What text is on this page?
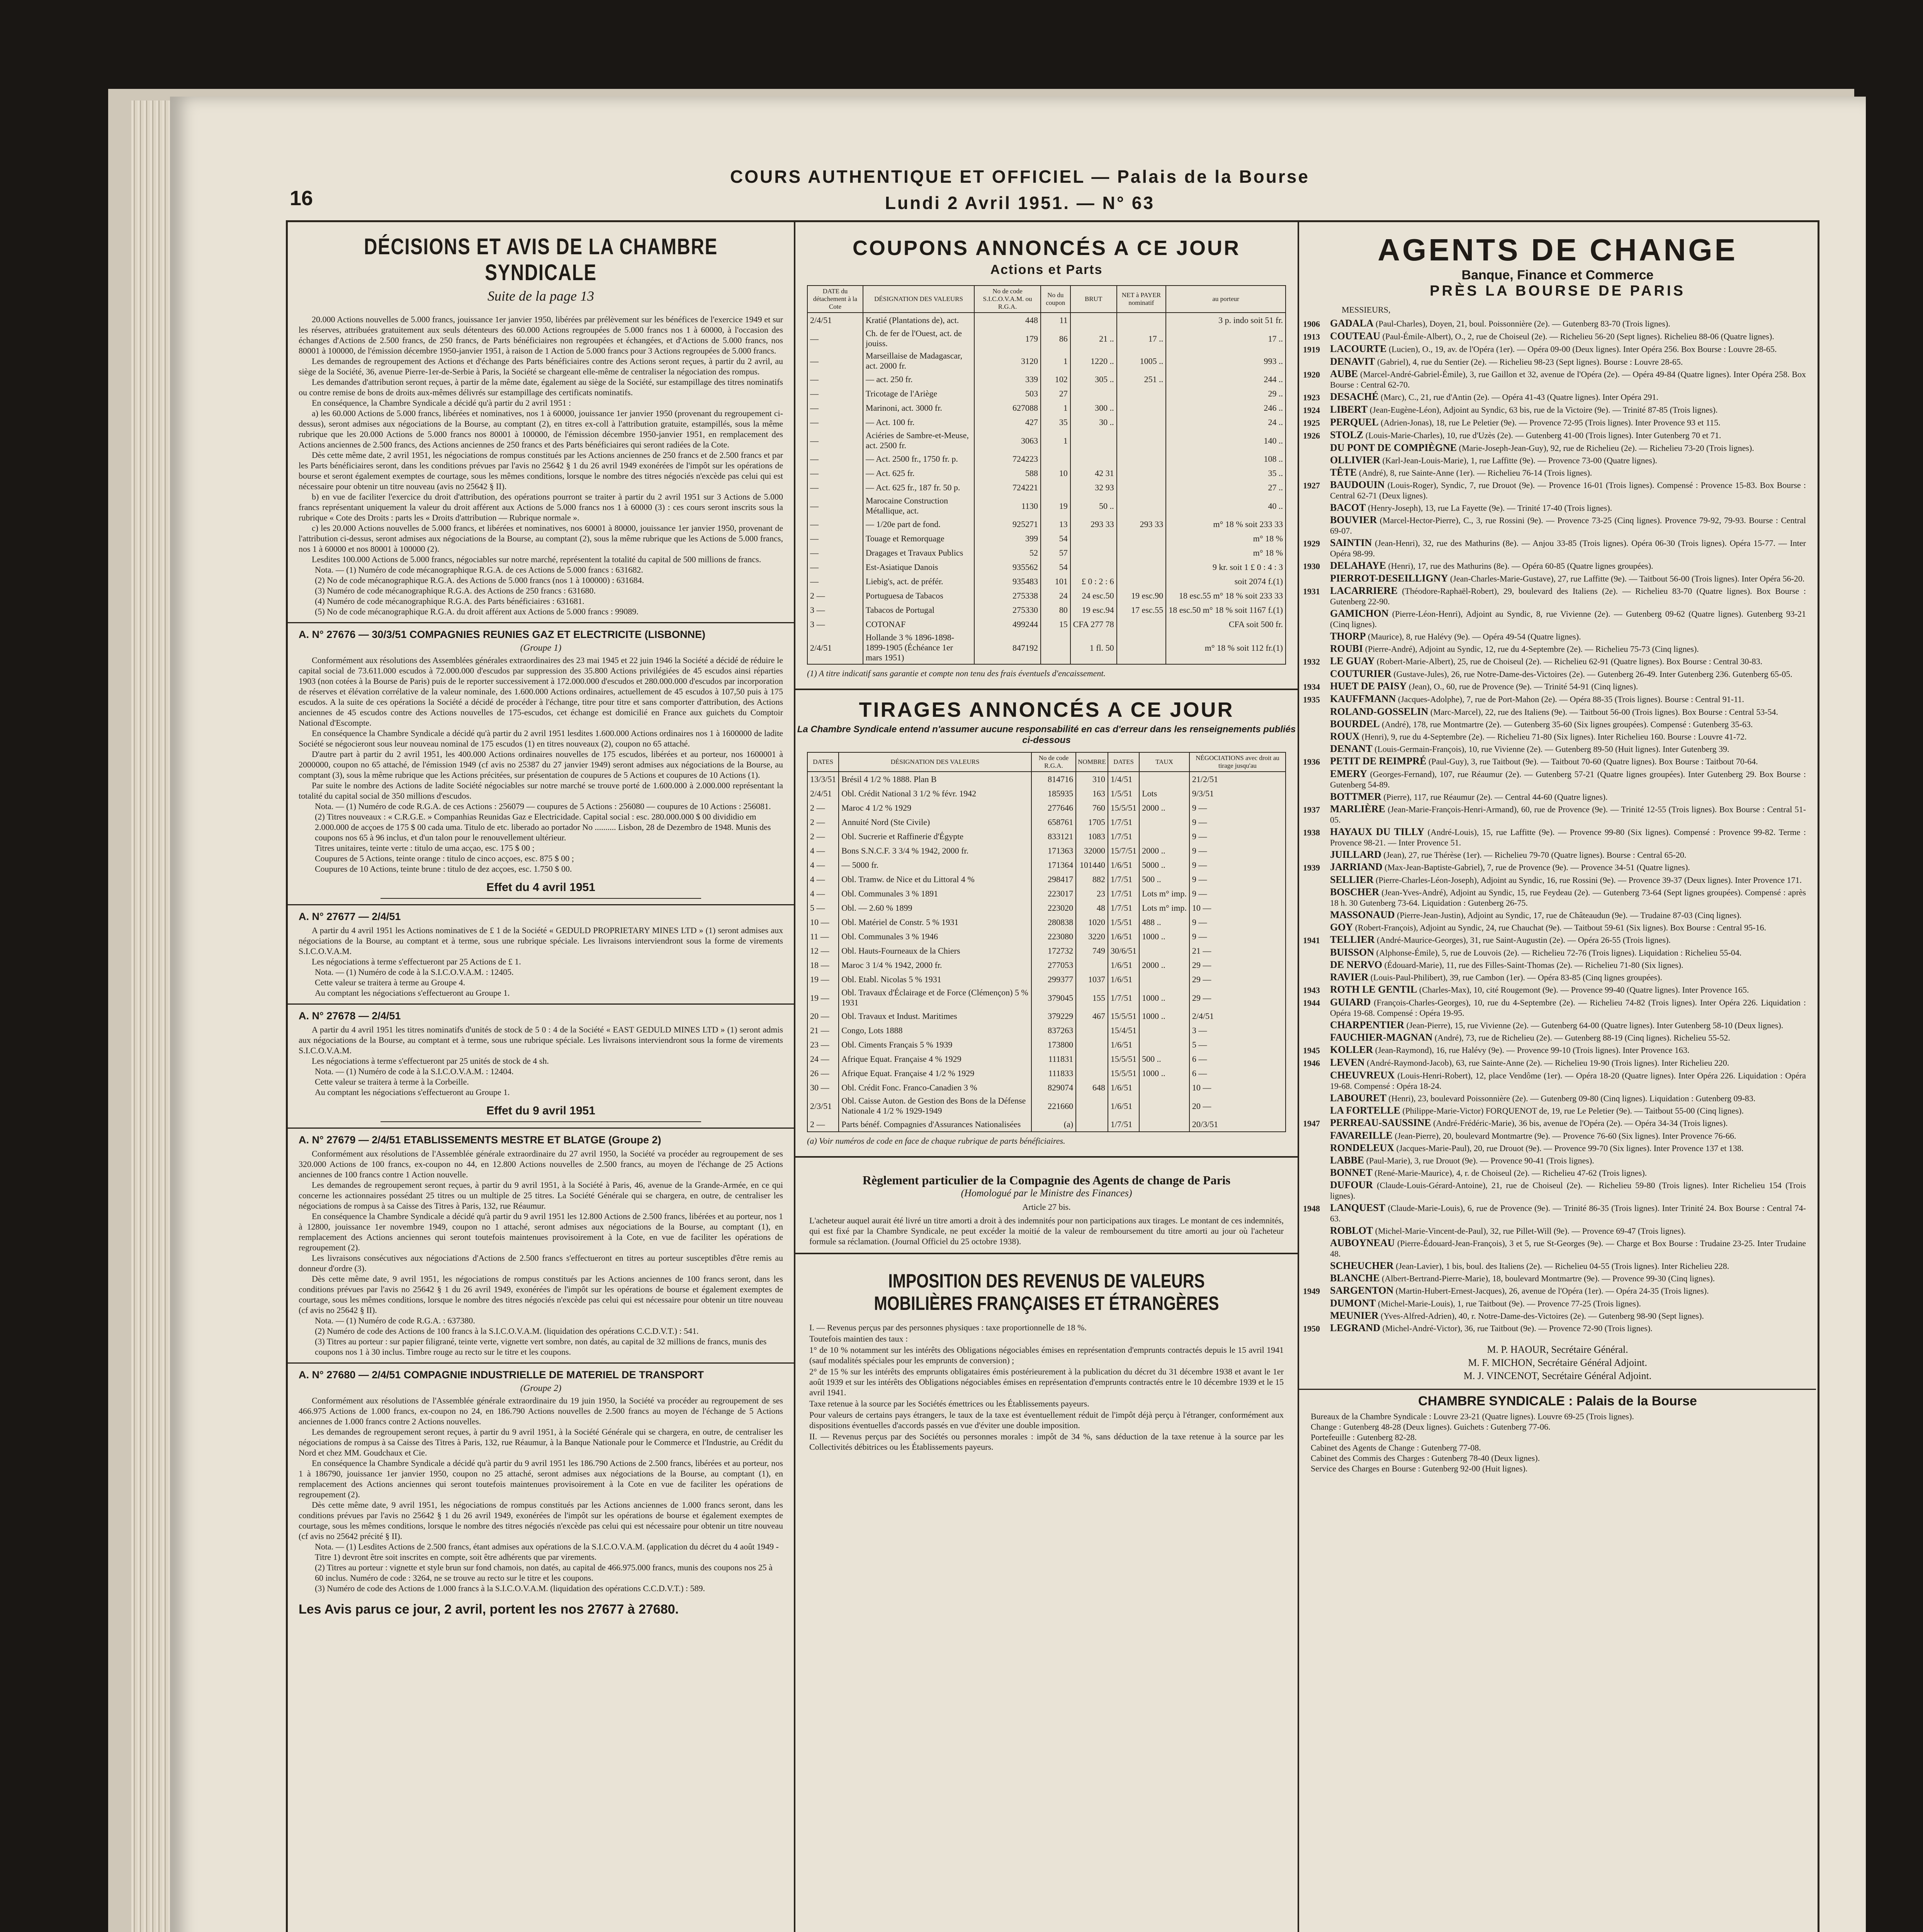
COURS AUTHENTIQUE ET OFFICIEL — Palais de la Bourse
Lundi 2 Avril 1951. — N° 63
16
DÉCISIONS ET AVIS DE LA CHAMBRE SYNDICALE
Suite de la page 13

20.000 Actions nouvelles de 5.000 francs, jouissance 1er janvier 1950, libérées par prélèvement sur les bénéfices de l'exercice 1949 et sur les réserves, attribuées gratuitement aux seuls détenteurs des 60.000 Actions regroupées de 5.000 francs nos 1 à 60000, à l'occasion des échanges d'Actions de 2.500 francs, de 250 francs, de Parts bénéficiaires non regroupées et échangées, et d'Actions de 5.000 francs, nos 80001 à 100000, de l'émission décembre 1950-janvier 1951, à raison de 1 Action de 5.000 francs pour 3 Actions regroupées de 5.000 francs.

Les demandes de regroupement des Actions et d'échange des Parts bénéficiaires contre des Actions seront reçues, à partir du 2 avril, au siège de la Société, 36, avenue Pierre-1er-de-Serbie à Paris, la Société se chargeant elle-même de centraliser la négociation des rompus.

Les demandes d'attribution seront reçues, à partir de la même date, également au siège de la Société, sur estampillage des titres nominatifs ou contre remise de bons de droits aux-mêmes délivrés sur estampillage des certificats nominatifs.

En conséquence, la Chambre Syndicale a décidé qu'à partir du 2 avril 1951 :

a) les 60.000 Actions de 5.000 francs, libérées et nominatives, nos 1 à 60000, jouissance 1er janvier 1950 (provenant du regroupement ci-dessus), seront admises aux négociations de la Bourse, au comptant (2), en titres ex-coll à l'attribution gratuite, estampillés, sous la même rubrique que les 20.000 Actions de 5.000 francs nos 80001 à 100000, de l'émission décembre 1950-janvier 1951, en remplacement des Actions anciennes de 2.500 francs, des Actions anciennes de 250 francs et des Parts bénéficiaires qui seront radiées de la Cote.

Dès cette même date, 2 avril 1951, les négociations de rompus constitués par les Actions anciennes de 250 francs et de 2.500 francs et par les Parts bénéficiaires seront, dans les conditions prévues par l'avis no 25642 § 1 du 26 avril 1949 exonérées de l'impôt sur les opérations de bourse et seront également exemptes de courtage, sous les mêmes conditions, lorsque le nombre des titres négociés n'excède pas celui qui est nécessaire pour obtenir un titre nouveau (avis no 25642 § II).

b) en vue de faciliter l'exercice du droit d'attribution, des opérations pourront se traiter à partir du 2 avril 1951 sur 3 Actions de 5.000 francs représentant uniquement la valeur du droit afférent aux Actions de 5.000 francs nos 1 à 60000 (3) : ces cours seront inscrits sous la rubrique « Cote des Droits : parts les « Droits d'attribution — Rubrique normale ».

c) les 20.000 Actions nouvelles de 5.000 francs, et libérées et nominatives, nos 60001 à 80000, jouissance 1er janvier 1950, provenant de l'attribution ci-dessus, seront admises aux négociations de la Bourse, au comptant (2), sous la même rubrique que les Actions de 5.000 francs, nos 1 à 60000 et nos 80001 à 100000 (2).

Lesdites 100.000 Actions de 5.000 francs, négociables sur notre marché, représentent la totalité du capital de 500 millions de francs.

Nota. — (1) Numéro de code mécanographique R.G.A. de ces Actions de 5.000 francs : 631682.
(2) No de code mécanographique R.G.A. des Actions de 5.000 francs (nos 1 à 100000) : 631684.
(3) Numéro de code mécanographique R.G.A. des Actions de 250 francs : 631680.
(4) Numéro de code mécanographique R.G.A. des Parts bénéficiaires : 631681.
(5) No de code mécanographique R.G.A. du droit afférent aux Actions de 5.000 francs : 99089.
A. N° 27676 — 30/3/51 COMPAGNIES REUNIES GAZ ET ELECTRICITE (LISBONNE)
(Groupe 1)

Conformément aux résolutions des Assemblées générales extraordinaires des 23 mai 1945 et 22 juin 1946 la Société a décidé de réduire le capital social de 73.611.000 escudos à 72.000.000 d'escudos par suppression des 35.800 Actions privilégiées de 45 escudos ainsi réparties 1903 (non cotées à la Bourse de Paris) puis de le reporter successivement à 172.000.000 d'escudos et 280.000.000 d'escudos par incorporation de réserves et élévation corrélative de la valeur nominale, des 1.600.000 Actions ordinaires, actuellement de 45 escudos à 107,50 puis à 175 escudos. A la suite de ces opérations la Société a décidé de procéder à l'échange, titre pour titre et sans comporter d'attribution, des Actions anciennes de 45 escudos contre des Actions nouvelles de 175-escudos, cet échange est domicilié en France aux guichets du Comptoir National d'Escompte.

En conséquence la Chambre Syndicale a décidé qu'à partir du 2 avril 1951 lesdites 1.600.000 Actions ordinaires nos 1 à 1600000 de ladite Société se négocieront sous leur nouveau nominal de 175 escudos (1) en titres nouveaux (2), coupon no 65 attaché.

D'autre part à partir du 2 avril 1951, les 400.000 Actions ordinaires nouvelles de 175 escudos, libérées et au porteur, nos 1600001 à 2000000, coupon no 65 attaché, de l'émission 1949 (cf avis no 25387 du 27 janvier 1949) seront admises aux négociations de la Bourse, au comptant (3), sous la même rubrique que les Actions précitées, sur présentation de coupures de 5 Actions et coupures de 10 Actions (1).

Par suite le nombre des Actions de ladite Société négociables sur notre marché se trouve porté de 1.600.000 à 2.000.000 représentant la totalité du capital social de 350 millions d'escudos.

Nota. — (1) Numéro de code R.G.A. de ces Actions : 256079 — coupures de 5 Actions : 256080 — coupures de 10 Actions : 256081.
(2) Titres nouveaux : « C.R.G.E. » Companhias Reunidas Gaz e Electricidade. Capital social : esc. 280.000.000 $ 00 divididio em 2.000.000 de acçoes de 175 $ 00 cada uma. Titulo de etc. liberado ao portador No .......... Lisbon, 28 de Dezembro de 1948. Munis des coupons nos 65 à 96 inclus, et d'un talon pour le renouvellement ultérieur.
Titres unitaires, teinte verte : titulo de uma acçao, esc. 175 $ 00 ;
Coupures de 5 Actions, teinte orange : titulo de cinco acçoes, esc. 875 $ 00 ;
Coupures de 10 Actions, teinte brune : titulo de dez acçoes, esc. 1.750 $ 00.
Effet du 4 avril 1951
A. N° 27677 — 2/4/51

A partir du 4 avril 1951 les Actions nominatives de £ 1 de la Société « GEDULD PROPRIETARY MINES LTD » (1) seront admises aux négociations de la Bourse, au comptant et à terme, sous une rubrique spéciale. Les livraisons interviendront sous la forme de virements S.I.C.O.V.A.M.

Les négociations à terme s'effectueront par 25 Actions de £ 1.

Nota. — (1) Numéro de code à la S.I.C.O.V.A.M. : 12405.
Cette valeur se traitera à terme au Groupe 4.
Au comptant les négociations s'effectueront au Groupe 1.
A. N° 27678 — 2/4/51

A partir du 4 avril 1951 les titres nominatifs d'unités de stock de 5 0 : 4 de la Société « EAST GEDULD MINES LTD » (1) seront admis aux négociations de la Bourse, au comptant et à terme, sous une rubrique spéciale. Les livraisons interviendront sous la forme de virements S.I.C.O.V.A.M.

Les négociations à terme s'effectueront par 25 unités de stock de 4 sh.

Nota. — (1) Numéro de code à la S.I.C.O.V.A.M. : 12404.
Cette valeur se traitera à terme à la Corbeille.
Au comptant les négociations s'effectueront au Groupe 1.
Effet du 9 avril 1951
A. N° 27679 — 2/4/51 ETABLISSEMENTS MESTRE ET BLATGE (Groupe 2)

Conformément aux résolutions de l'Assemblée générale extraordinaire du 27 avril 1950, la Société va procéder au regroupement de ses 320.000 Actions de 100 francs, ex-coupon no 44, en 12.800 Actions nouvelles de 2.500 francs, au moyen de l'échange de 25 Actions anciennes de 100 francs contre 1 Action nouvelle.

Les demandes de regroupement seront reçues, à partir du 9 avril 1951, à la Société à Paris, 46, avenue de la Grande-Armée, en ce qui concerne les actionnaires possédant 25 titres ou un multiple de 25 titres. La Société Générale qui se chargera, en outre, de centraliser les négociations de rompus à sa Caisse des Titres à Paris, 132, rue Réaumur.

En conséquence la Chambre Syndicale a décidé qu'à partir du 9 avril 1951 les 12.800 Actions de 2.500 francs, libérées et au porteur, nos 1 à 12800, jouissance 1er novembre 1949, coupon no 1 attaché, seront admises aux négociations de la Bourse, au comptant (1), en remplacement des Actions anciennes qui seront toutefois maintenues provisoirement à la Cote, en vue de faciliter les opérations de regroupement (2).

Les livraisons consécutives aux négociations d'Actions de 2.500 francs s'effectueront en titres au porteur susceptibles d'être remis au donneur d'ordre (3).

Dès cette même date, 9 avril 1951, les négociations de rompus constitués par les Actions anciennes de 100 francs seront, dans les conditions prévues par l'avis no 25642 § 1 du 26 avril 1949, exonérées de l'impôt sur les opérations de bourse et également exemptes de courtage, sous les mêmes conditions, lorsque le nombre des titres négociés n'excède pas celui qui est nécessaire pour obtenir un titre nouveau (cf avis no 25642 § II).

Nota. — (1) Numéro de code R.G.A. : 637380.
(2) Numéro de code des Actions de 100 francs à la S.I.C.O.V.A.M. (liquidation des opérations C.C.D.V.T.) : 541.
(3) Titres au porteur : sur papier filigrané, teinte verte, vignette vert sombre, non datés, au capital de 32 millions de francs, munis des coupons nos 1 à 30 inclus. Timbre rouge au recto sur le titre et les coupons.
A. N° 27680 — 2/4/51 COMPAGNIE INDUSTRIELLE DE MATERIEL DE TRANSPORT
(Groupe 2)

Conformément aux résolutions de l'Assemblée générale extraordinaire du 19 juin 1950, la Société va procéder au regroupement de ses 466.975 Actions de 1.000 francs, ex-coupon no 24, en 186.790 Actions nouvelles de 2.500 francs au moyen de l'échange de 5 Actions anciennes de 1.000 francs contre 2 Actions nouvelles.

Les demandes de regroupement seront reçues, à partir du 9 avril 1951, à la Société Générale qui se chargera, en outre, de centraliser les négociations de rompus à sa Caisse des Titres à Paris, 132, rue Réaumur, à la Banque Nationale pour le Commerce et l'Industrie, au Crédit du Nord et chez MM. Goudchaux et Cie.

En conséquence la Chambre Syndicale a décidé qu'à partir du 9 avril 1951 les 186.790 Actions de 2.500 francs, libérées et au porteur, nos 1 à 186790, jouissance 1er janvier 1950, coupon no 25 attaché, seront admises aux négociations de la Bourse, au comptant (1), en remplacement des Actions anciennes qui seront toutefois maintenues provisoirement à la Cote en vue de faciliter les opérations de regroupement (2).

Dès cette même date, 9 avril 1951, les négociations de rompus constitués par les Actions anciennes de 1.000 francs seront, dans les conditions prévues par l'avis no 25642 § 1 du 26 avril 1949, exonérées de l'impôt sur les opérations de bourse et également exemptes de courtage, sous les mêmes conditions, lorsque le nombre des titres négociés n'excède pas celui qui est nécessaire pour obtenir un titre nouveau (cf avis no 25642 précité § II).

Nota. — (1) Lesdites Actions de 2.500 francs, étant admises aux opérations de la S.I.C.O.V.A.M. (application du décret du 4 août 1949 - Titre 1) devront être soit inscrites en compte, soit être adhérents que par virements.
(2) Titres au porteur : vignette et style brun sur fond chamois, non datés, au capital de 466.975.000 francs, munis des coupons nos 25 à 60 inclus. Numéro de code : 3264, ne se trouve au recto sur le titre et les coupons.
(3) Numéro de code des Actions de 1.000 francs à la S.I.C.O.V.A.M. (liquidation des opérations C.C.D.V.T.) : 589.
Les Avis parus ce jour, 2 avril, portent les nos 27677 à 27680.
COUPONS ANNONCÉS A CE JOUR
Actions et Parts
DATE du détachement à la Cote	DÉSIGNATION DES VALEURS	No de code S.I.C.O.V.A.M. ou R.G.A.	No du coupon	BRUT	NET à PAYER nominatif	au porteur
2/4/51	Kratié (Plantations de), act.	448	11			3 p. indo soit 51 fr.
—	Ch. de fer de l'Ouest, act. de jouiss.	179	86	21 ..	17 ..	17 ..
—	Marseillaise de Madagascar, act. 2000 fr.	3120	1	1220 ..	1005 ..	993 ..
—	— act. 250 fr.	339	102	305 ..	251 ..	244 ..
—	Tricotage de l'Ariège	503	27			29 ..
—	Marinoni, act. 3000 fr.	627088	1	300 ..		246 ..
—	— Act. 100 fr.	427	35	30 ..		24 ..
—	Aciéries de Sambre-et-Meuse, act. 2500 fr.	3063	1			140 ..
—	— Act. 2500 fr., 1750 fr. p.	724223				108 ..
—	— Act. 625 fr.	588	10	42 31		35 ..
—	— Act. 625 fr., 187 fr. 50 p.	724221		32 93		27 ..
—	Marocaine Construction Métallique, act.	1130	19	50 ..		40 ..
—	— 1/20e part de fond.	925271	13	293 33	293 33	m° 18 % soit 233 33
—	Touage et Remorquage	399	54			m° 18 %
—	Dragages et Travaux Publics	52	57			m° 18 %
—	Est-Asiatique Danois	935562	54			9 kr. soit 1 £ 0 : 4 : 3
—	Liebig's, act. de préfér.	935483	101	£ 0 : 2 : 6		soit 2074 f.(1)
2 —	Portuguesa de Tabacos	275338	24	24 esc.50	19 esc.90	18 esc.55 m° 18 % soit 233 33
3 —	Tabacos de Portugal	275330	80	19 esc.94	17 esc.55	18 esc.50 m° 18 % soit 1167 f.(1)
3 —	COTONAF	499244	15	CFA 277 78		CFA soit 500 fr.
2/4/51	Hollande 3 % 1896-1898-1899-1905 (Échéance 1er mars 1951)	847192		1 fl. 50		m° 18 % soit 112 fr.(1)
(1) A titre indicatif sans garantie et compte non tenu des frais éventuels d'encaissement.
TIRAGES ANNONCÉS A CE JOUR
La Chambre Syndicale entend n'assumer aucune responsabilité en cas d'erreur dans les renseignements publiés ci-dessous
DATES	DÉSIGNATION DES VALEURS	No de code R.G.A.	NOMBRE	DATES	TAUX	NÉGOCIATIONS avec droit au tirage jusqu'au
13/3/51	Brésil 4 1/2 % 1888. Plan B	814716	310	1/4/51		21/2/51
2/4/51	Obl. Crédit National 3 1/2 % févr. 1942	185935	163	1/5/51	Lots	9/3/51
2 —	Maroc 4 1/2 % 1929	277646	760	15/5/51	2000 ..	9 —
2 —	Annuité Nord (Ste Civile)	658761	1705	1/7/51		9 —
2 —	Obl. Sucrerie et Raffinerie d'Égypte	833121	1083	1/7/51		9 —
4 —	Bons S.N.C.F. 3 3/4 % 1942, 2000 fr.	171363	32000	15/7/51	2000 ..	9 —
4 —	— 5000 fr.	171364	101440	1/6/51	5000 ..	9 —
4 —	Obl. Tramw. de Nice et du Littoral 4 %	298417	882	1/7/51	500 ..	9 —
4 —	Obl. Communales 3 % 1891	223017	23	1/7/51	Lots m° imp.	9 —
5 —	Obl. — 2.60 % 1899	223020	48	1/7/51	Lots m° imp.	10 —
10 —	Obl. Matériel de Constr. 5 % 1931	280838	1020	1/5/51	488 ..	9 —
11 —	Obl. Communales 3 % 1946	223080	3220	1/6/51	1000 ..	9 —
12 —	Obl. Hauts-Fourneaux de la Chiers	172732	749	30/6/51		21 —
18 —	Maroc 3 1/4 % 1942, 2000 fr.	277053		1/6/51	2000 ..	29 —
19 —	Obl. Etabl. Nicolas 5 % 1931	299377	1037	1/6/51		29 —
19 —	Obl. Travaux d'Éclairage et de Force (Clémençon) 5 % 1931	379045	155	1/7/51	1000 ..	29 —
20 —	Obl. Travaux et Indust. Maritimes	379229	467	15/5/51	1000 ..	2/4/51
21 —	Congo, Lots 1888	837263		15/4/51		3 —
23 —	Obl. Ciments Français 5 % 1939	173800		1/6/51		5 —
24 —	Afrique Equat. Française 4 % 1929	111831		15/5/51	500 ..	6 —
26 —	Afrique Equat. Française 4 1/2 % 1929	111833		15/5/51	1000 ..	6 —
30 —	Obl. Crédit Fonc. Franco-Canadien 3 %	829074	648	1/6/51		10 —
2/3/51	Obl. Caisse Auton. de Gestion des Bons de la Défense Nationale 4 1/2 % 1929-1949	221660		1/6/51		20 —
2 —	Parts bénéf. Compagnies d'Assurances Nationalisées	(a)		1/7/51		20/3/51
(a) Voir numéros de code en face de chaque rubrique de parts bénéficiaires.
Règlement particulier de la Compagnie des Agents de change de Paris
(Homologué par le Ministre des Finances)
Article 27 bis.
L'acheteur auquel aurait été livré un titre amorti a droit à des indemnités pour non participations aux tirages. Le montant de ces indemnités, qui est fixé par la Chambre Syndicale, ne peut excéder la moitié de la valeur de remboursement du titre amorti au jour où l'acheteur formule sa réclamation. (Journal Officiel du 25 octobre 1938).
IMPOSITION DES REVENUS DE VALEURS MOBILIÈRES FRANÇAISES ET ÉTRANGÈRES

I. — Revenus perçus par des personnes physiques : taxe proportionnelle de 18 %.

Toutefois maintien des taux :

1° de 10 % notamment sur les intérêts des Obligations négociables émises en représentation d'emprunts contractés depuis le 15 avril 1941 (sauf modalités spéciales pour les emprunts de conversion) ;

2° de 15 % sur les intérêts des emprunts obligataires émis postérieurement à la publication du décret du 31 décembre 1938 et avant le 1er août 1939 et sur les intérêts des Obligations négociables émises en représentation d'emprunts contractés entre le 10 décembre 1939 et le 15 avril 1941.

Taxe retenue à la source par les Sociétés émettrices ou les Établissements payeurs.

Pour valeurs de certains pays étrangers, le taux de la taxe est éventuellement réduit de l'impôt déjà perçu à l'étranger, conformément aux dispositions éventuelles d'accords passés en vue d'éviter une double imposition.

II. — Revenus perçus par des Sociétés ou personnes morales : impôt de 34 %, sans déduction de la taxe retenue à la source par les Collectivités débitrices ou les Établissements payeurs.

AGENTS DE CHANGE
Banque, Finance et Commerce
PRÈS LA BOURSE DE PARIS
MESSIEURS,
1906	GADALA (Paul-Charles), Doyen, 21, boul. Poissonnière (2e). — Gutenberg 83-70 (Trois lignes).
1913	COUTEAU (Paul-Émile-Albert), O., 2, rue de Choiseul (2e). — Richelieu 56-20 (Sept lignes). Richelieu 88-06 (Quatre lignes).
1919	LACOURTE (Lucien), O., 19, av. de l'Opéra (1er). — Opéra 09-00 (Deux lignes). Inter Opéra 256. Box Bourse : Louvre 28-65.
DENAVIT (Gabriel), 4, rue du Sentier (2e). — Richelieu 98-23 (Sept lignes). Bourse : Louvre 28-65.
1920	AUBE (Marcel-André-Gabriel-Émile), 3, rue Gaillon et 32, avenue de l'Opéra (2e). — Opéra 49-84 (Quatre lignes). Inter Opéra 258. Box Bourse : Central 62-70.
1923	DESACHÉ (Marc), C., 21, rue d'Antin (2e). — Opéra 41-43 (Quatre lignes). Inter Opéra 291.
1924	LIBERT (Jean-Eugène-Léon), Adjoint au Syndic, 63 bis, rue de la Victoire (9e). — Trinité 87-85 (Trois lignes).
1925	PERQUEL (Adrien-Jonas), 18, rue Le Peletier (9e). — Provence 72-95 (Trois lignes). Inter Provence 93 et 115.
1926	STOLZ (Louis-Marie-Charles), 10, rue d'Uzès (2e). — Gutenberg 41-00 (Trois lignes). Inter Gutenberg 70 et 71.
DU PONT DE COMPIÈGNE (Marie-Joseph-Jean-Guy), 92, rue de Richelieu (2e). — Richelieu 73-20 (Trois lignes).
OLLIVIER (Karl-Jean-Louis-Marie), 1, rue Laffitte (9e). — Provence 73-00 (Quatre lignes).
TÊTE (André), 8, rue Sainte-Anne (1er). — Richelieu 76-14 (Trois lignes).
1927	BAUDOUIN (Louis-Roger), Syndic, 7, rue Drouot (9e). — Provence 16-01 (Trois lignes). Compensé : Provence 15-83. Box Bourse : Central 62-71 (Deux lignes).
BACOT (Henry-Joseph), 13, rue La Fayette (9e). — Trinité 17-40 (Trois lignes).
BOUVIER (Marcel-Hector-Pierre), C., 3, rue Rossini (9e). — Provence 73-25 (Cinq lignes). Provence 79-92, 79-93. Bourse : Central 69-07.
1929	SAINTIN (Jean-Henri), 32, rue des Mathurins (8e). — Anjou 33-85 (Trois lignes). Opéra 06-30 (Trois lignes). Opéra 15-77. — Inter Opéra 98-99.
1930	DELAHAYE (Henri), 17, rue des Mathurins (8e). — Opéra 60-85 (Quatre lignes groupées).
PIERROT-DESEILLIGNY (Jean-Charles-Marie-Gustave), 27, rue Laffitte (9e). — Taitbout 56-00 (Trois lignes). Inter Opéra 56-20.
1931	LACARRIERE (Théodore-Raphaël-Robert), 29, boulevard des Italiens (2e). — Richelieu 83-70 (Quatre lignes). Box Bourse : Gutenberg 22-90.
GAMICHON (Pierre-Léon-Henri), Adjoint au Syndic, 8, rue Vivienne (2e). — Gutenberg 09-62 (Quatre lignes). Gutenberg 93-21 (Cinq lignes).
THORP (Maurice), 8, rue Halévy (9e). — Opéra 49-54 (Quatre lignes).
ROUBI (Pierre-André), Adjoint au Syndic, 12, rue du 4-Septembre (2e). — Richelieu 75-73 (Cinq lignes).
1932	LE GUAY (Robert-Marie-Albert), 25, rue de Choiseul (2e). — Richelieu 62-91 (Quatre lignes). Box Bourse : Central 30-83.
COUTURIER (Gustave-Jules), 26, rue Notre-Dame-des-Victoires (2e). — Gutenberg 26-49. Inter Gutenberg 236. Gutenberg 65-05.
1934	HUET DE PAISY (Jean), O., 60, rue de Provence (9e). — Trinité 54-91 (Cinq lignes).
1935	KAUFFMANN (Jacques-Adolphe), 7, rue de Port-Mahon (2e). — Opéra 88-35 (Trois lignes). Bourse : Central 91-11.
ROLAND-GOSSELIN (Marc-Marcel), 22, rue des Italiens (9e). — Taitbout 56-00 (Trois lignes). Box Bourse : Central 53-54.
BOURDEL (André), 178, rue Montmartre (2e). — Gutenberg 35-60 (Six lignes groupées). Compensé : Gutenberg 35-63.
ROUX (Henri), 9, rue du 4-Septembre (2e). — Richelieu 71-80 (Six lignes). Inter Richelieu 160. Bourse : Louvre 41-72.
DENANT (Louis-Germain-François), 10, rue Vivienne (2e). — Gutenberg 89-50 (Huit lignes). Inter Gutenberg 39.
1936	PETIT DE REIMPRÉ (Paul-Guy), 3, rue Taitbout (9e). — Taitbout 70-60 (Quatre lignes). Box Bourse : Taitbout 70-64.
EMERY (Georges-Fernand), 107, rue Réaumur (2e). — Gutenberg 57-21 (Quatre lignes groupées). Inter Gutenberg 29. Box Bourse : Gutenberg 54-89.
BOTTMER (Pierre), 117, rue Réaumur (2e). — Central 44-60 (Quatre lignes).
1937	MARLIÈRE (Jean-Marie-François-Henri-Armand), 60, rue de Provence (9e). — Trinité 12-55 (Trois lignes). Box Bourse : Central 51-05.
1938	HAYAUX DU TILLY (André-Louis), 15, rue Laffitte (9e). — Provence 99-80 (Six lignes). Compensé : Provence 99-82. Terme : Provence 98-21. — Inter Provence 51.
JUILLARD (Jean), 27, rue Thérèse (1er). — Richelieu 79-70 (Quatre lignes). Bourse : Central 65-20.
1939	JARRIAND (Max-Jean-Baptiste-Gabriel), 7, rue de Provence (9e). — Provence 34-51 (Quatre lignes).
SELLIER (Pierre-Charles-Léon-Joseph), Adjoint au Syndic, 16, rue Rossini (9e). — Provence 39-37 (Deux lignes). Inter Provence 171.
BOSCHER (Jean-Yves-André), Adjoint au Syndic, 15, rue Feydeau (2e). — Gutenberg 73-64 (Sept lignes groupées). Compensé : après 18 h. 30 Gutenberg 73-64. Liquidation : Gutenberg 26-75.
MASSONAUD (Pierre-Jean-Justin), Adjoint au Syndic, 17, rue de Châteaudun (9e). — Trudaine 87-03 (Cinq lignes).
GOY (Robert-François), Adjoint au Syndic, 24, rue Chauchat (9e). — Taitbout 59-61 (Six lignes). Box Bourse : Central 95-16.
1941	TELLIER (André-Maurice-Georges), 31, rue Saint-Augustin (2e). — Opéra 26-55 (Trois lignes).
BUISSON (Alphonse-Émile), 5, rue de Louvois (2e). — Richelieu 72-76 (Trois lignes). Liquidation : Richelieu 55-04.
DE NERVO (Édouard-Marie), 11, rue des Filles-Saint-Thomas (2e). — Richelieu 71-80 (Six lignes).
RAVIER (Louis-Paul-Philibert), 39, rue Cambon (1er). — Opéra 83-85 (Cinq lignes groupées).
1943	ROTH LE GENTIL (Charles-Max), 10, cité Rougemont (9e). — Provence 99-40 (Quatre lignes). Inter Provence 165.
1944	GUIARD (François-Charles-Georges), 10, rue du 4-Septembre (2e). — Richelieu 74-82 (Trois lignes). Inter Opéra 226. Liquidation : Opéra 19-68. Compensé : Opéra 19-95.
CHARPENTIER (Jean-Pierre), 15, rue Vivienne (2e). — Gutenberg 64-00 (Quatre lignes). Inter Gutenberg 58-10 (Deux lignes).
FAUCHIER-MAGNAN (André), 73, rue de Richelieu (2e). — Gutenberg 88-19 (Cinq lignes). Richelieu 55-52.
1945	KOLLER (Jean-Raymond), 16, rue Halévy (9e). — Provence 99-10 (Trois lignes). Inter Provence 163.
1946	LEVEN (André-Raymond-Jacob), 63, rue Sainte-Anne (2e). — Richelieu 19-90 (Trois lignes). Inter Richelieu 220.
CHEUVREUX (Louis-Henri-Robert), 12, place Vendôme (1er). — Opéra 18-20 (Quatre lignes). Inter Opéra 226. Liquidation : Opéra 19-68. Compensé : Opéra 18-24.
LABOURET (Henri), 23, boulevard Poissonnière (2e). — Gutenberg 09-80 (Cinq lignes). Liquidation : Gutenberg 09-83.
LA FORTELLE (Philippe-Marie-Victor) FORQUENOT de, 19, rue Le Peletier (9e). — Taitbout 55-00 (Cinq lignes).
1947	PERREAU-SAUSSINE (André-Frédéric-Marie), 36 bis, avenue de l'Opéra (2e). — Opéra 34-34 (Trois lignes).
FAVAREILLE (Jean-Pierre), 20, boulevard Montmartre (9e). — Provence 76-60 (Six lignes). Inter Provence 76-66.
RONDELEUX (Jacques-Marie-Paul), 20, rue Drouot (9e). — Provence 99-70 (Six lignes). Inter Provence 137 et 138.
LABBE (Paul-Marie), 3, rue Drouot (9e). — Provence 90-41 (Trois lignes).
BONNET (René-Marie-Maurice), 4, r. de Choiseul (2e). — Richelieu 47-62 (Trois lignes).
DUFOUR (Claude-Louis-Gérard-Antoine), 21, rue de Choiseul (2e). — Richelieu 59-80 (Trois lignes). Inter Richelieu 154 (Trois lignes).
1948	LANQUEST (Claude-Marie-Louis), 6, rue de Provence (9e). — Trinité 86-35 (Trois lignes). Inter Trinité 24. Box Bourse : Central 74-63.
ROBLOT (Michel-Marie-Vincent-de-Paul), 32, rue Pillet-Will (9e). — Provence 69-47 (Trois lignes).
AUBOYNEAU (Pierre-Édouard-Jean-François), 3 et 5, rue St-Georges (9e). — Charge et Box Bourse : Trudaine 23-25. Inter Trudaine 48.
SCHEUCHER (Jean-Lavier), 1 bis, boul. des Italiens (2e). — Richelieu 04-55 (Trois lignes). Inter Richelieu 228.
BLANCHE (Albert-Bertrand-Pierre-Marie), 18, boulevard Montmartre (9e). — Provence 99-30 (Cinq lignes).
1949	SARGENTON (Martin-Hubert-Ernest-Jacques), 26, avenue de l'Opéra (1er). — Opéra 24-35 (Trois lignes).
DUMONT (Michel-Marie-Louis), 1, rue Taitbout (9e). — Provence 77-25 (Trois lignes).
MEUNIER (Yves-Alfred-Adrien), 40, r. Notre-Dame-des-Victoires (2e). — Gutenberg 98-90 (Sept lignes).
1950	LEGRAND (Michel-André-Victor), 36, rue Taitbout (9e). — Provence 72-90 (Trois lignes).
M. P. HAOUR, Secrétaire Général.
M. F. MICHON, Secrétaire Général Adjoint.
M. J. VINCENOT, Secrétaire Général Adjoint.
CHAMBRE SYNDICALE : Palais de la Bourse
Bureaux de la Chambre Syndicale : Louvre 23-21 (Quatre lignes). Louvre 69-25 (Trois lignes).
Change : Gutenberg 48-28 (Deux lignes). Guichets : Gutenberg 77-06.
Portefeuille : Gutenberg 82-28.
Cabinet des Agents de Change : Gutenberg 77-08.
Cabinet des Commis des Charges : Gutenberg 78-40 (Deux lignes).
Service des Charges en Bourse : Gutenberg 92-00 (Huit lignes).
